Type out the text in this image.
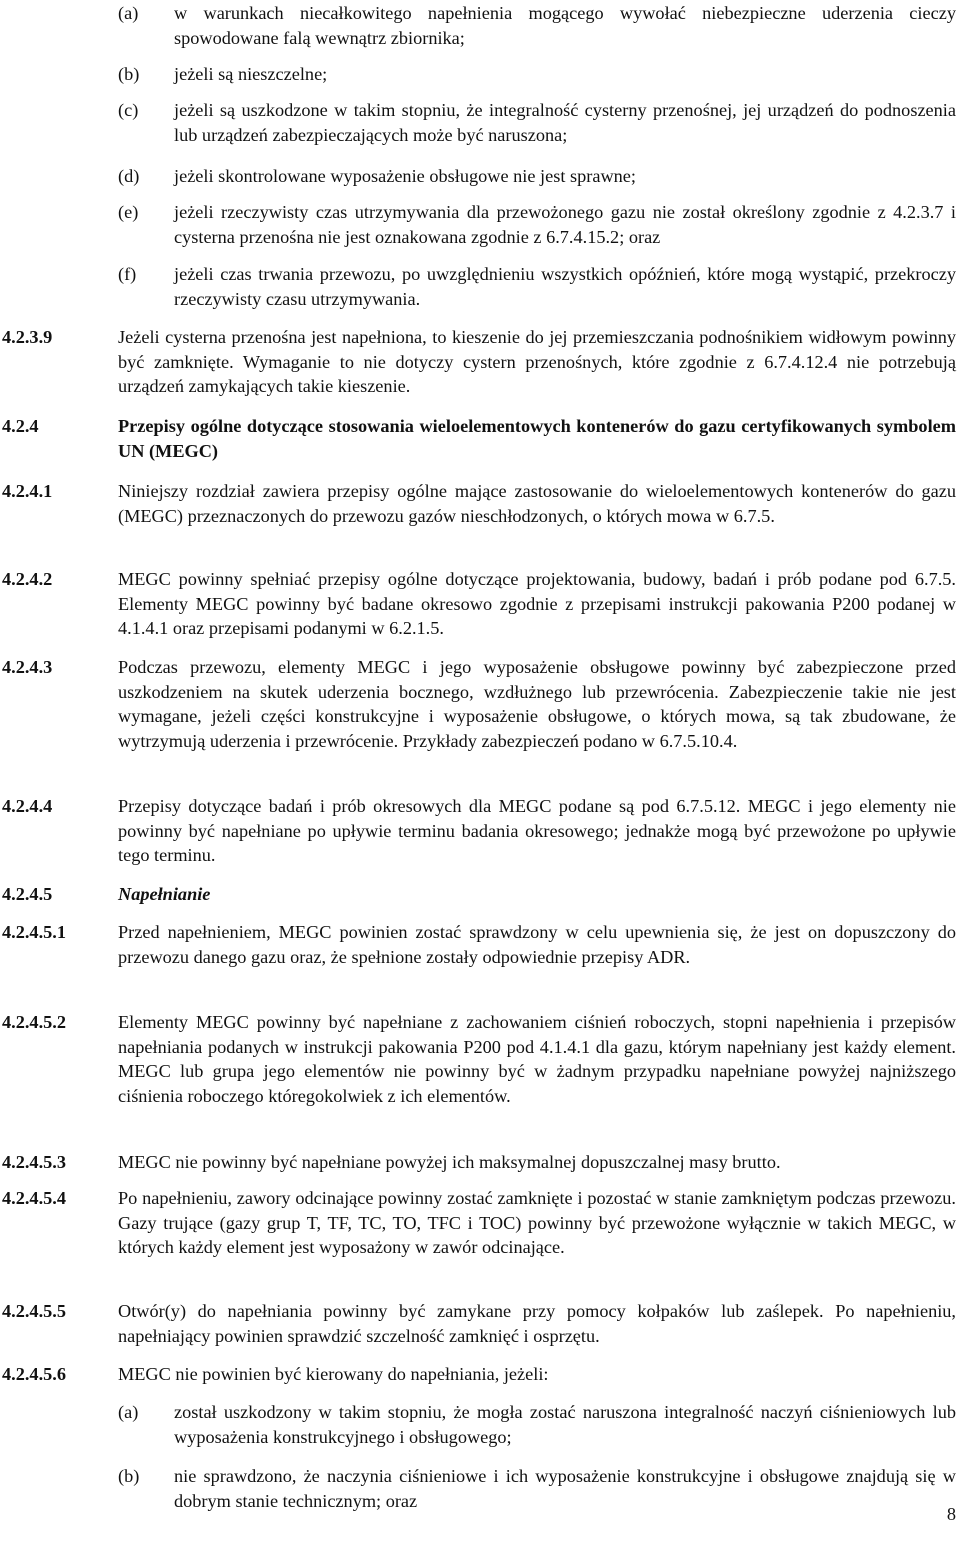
(a) w warunkach niecałkowitego napełnienia mogącego wywołać niebezpieczne uderzenia cieczy spowodowane falą wewnątrz zbiornika;
(b) jeżeli są nieszczelne;
(c) jeżeli są uszkodzone w takim stopniu, że integralność cysterny przenośnej, jej urządzeń do podnoszenia lub urządzeń zabezpieczających może być naruszona;
(d) jeżeli skontrolowane wyposażenie obsługowe nie jest sprawne;
(e) jeżeli rzeczywisty czas utrzymywania dla przewożonego gazu nie został określony zgodnie z 4.2.3.7 i cysterna przenośna nie jest oznakowana zgodnie z 6.7.4.15.2; oraz
(f) jeżeli czas trwania przewozu, po uwzględnieniu wszystkich opóźnień, które mogą wystąpić, przekroczy rzeczywisty czasu utrzymywania.
4.2.3.9	Jeżeli cysterna przenośna jest napełniona, to kieszenie do jej przemieszczania podnośnikiem widłowym powinny być zamknięte. Wymaganie to nie dotyczy cystern przenośnych, które zgodnie z 6.7.4.12.4 nie potrzebują urządzeń zamykających takie kieszenie.
4.2.4	Przepisy ogólne dotyczące stosowania wieloelementowych kontenerów do gazu certyfikowanych symbolem UN (MEGC)
4.2.4.1	Niniejszy rozdział zawiera przepisy ogólne mające zastosowanie do wieloelementowych kontenerów do gazu (MEGC) przeznaczonych do przewozu gazów nieschłodzonych, o których mowa w 6.7.5.
4.2.4.2	MEGC powinny spełniać przepisy ogólne dotyczące projektowania, budowy, badań i prób podane pod 6.7.5. Elementy MEGC powinny być badane okresowo zgodnie z przepisami instrukcji pakowania P200 podanej w 4.1.4.1 oraz przepisami podanymi w 6.2.1.5.
4.2.4.3	Podczas przewozu, elementy MEGC i jego wyposażenie obsługowe powinny być zabezpieczone przed uszkodzeniem na skutek uderzenia bocznego, wzdłużnego lub przewrócenia. Zabezpieczenie takie nie jest wymagane, jeżeli części konstrukcyjne i wyposażenie obsługowe, o których mowa, są tak zbudowane, że wytrzymują uderzenia i przewrócenie. Przykłady zabezpieczeń podano w 6.7.5.10.4.
4.2.4.4	Przepisy dotyczące badań i prób okresowych dla MEGC podane są pod 6.7.5.12. MEGC i jego elementy nie powinny być napełniane po upływie terminu badania okresowego; jednakże mogą być przewożone po upływie tego terminu.
4.2.4.5	Napełnianie
4.2.4.5.1	Przed napełnieniem, MEGC powinien zostać sprawdzony w celu upewnienia się, że jest on dopuszczony do przewozu danego gazu oraz, że spełnione zostały odpowiednie przepisy ADR.
4.2.4.5.2	Elementy MEGC powinny być napełniane z zachowaniem ciśnień roboczych, stopni napełnienia i przepisów napełniania podanych w instrukcji pakowania P200 pod 4.1.4.1 dla gazu, którym napełniany jest każdy element. MEGC lub grupa jego elementów nie powinny być w żadnym przypadku napełniane powyżej najniższego ciśnienia roboczego któregokolwiek z ich elementów.
4.2.4.5.3	MEGC nie powinny być napełniane powyżej ich maksymalnej dopuszczalnej masy brutto.
4.2.4.5.4	Po napełnieniu, zawory odcinające powinny zostać zamknięte i pozostać w stanie zamkniętym podczas przewozu. Gazy trujące (gazy grup T, TF, TC, TO, TFC i TOC) powinny być przewożone wyłącznie w takich MEGC, w których każdy element jest wyposażony w zawór odcinające.
4.2.4.5.5	Otwór(y) do napełniania powinny być zamykane przy pomocy kołpaków lub zaślepek. Po napełnieniu, napełniający powinien sprawdzić szczelność zamknięć i osprzętu.
4.2.4.5.6	MEGC nie powinien być kierowany do napełniania, jeżeli:
(a) został uszkodzony w takim stopniu, że mogła zostać naruszona integralność naczyń ciśnieniowych lub wyposażenia konstrukcyjnego i obsługowego;
(b) nie sprawdzono, że naczynia ciśnieniowe i ich wyposażenie konstrukcyjne i obsługowe znajdują się w dobrym stanie technicznym; oraz
8
